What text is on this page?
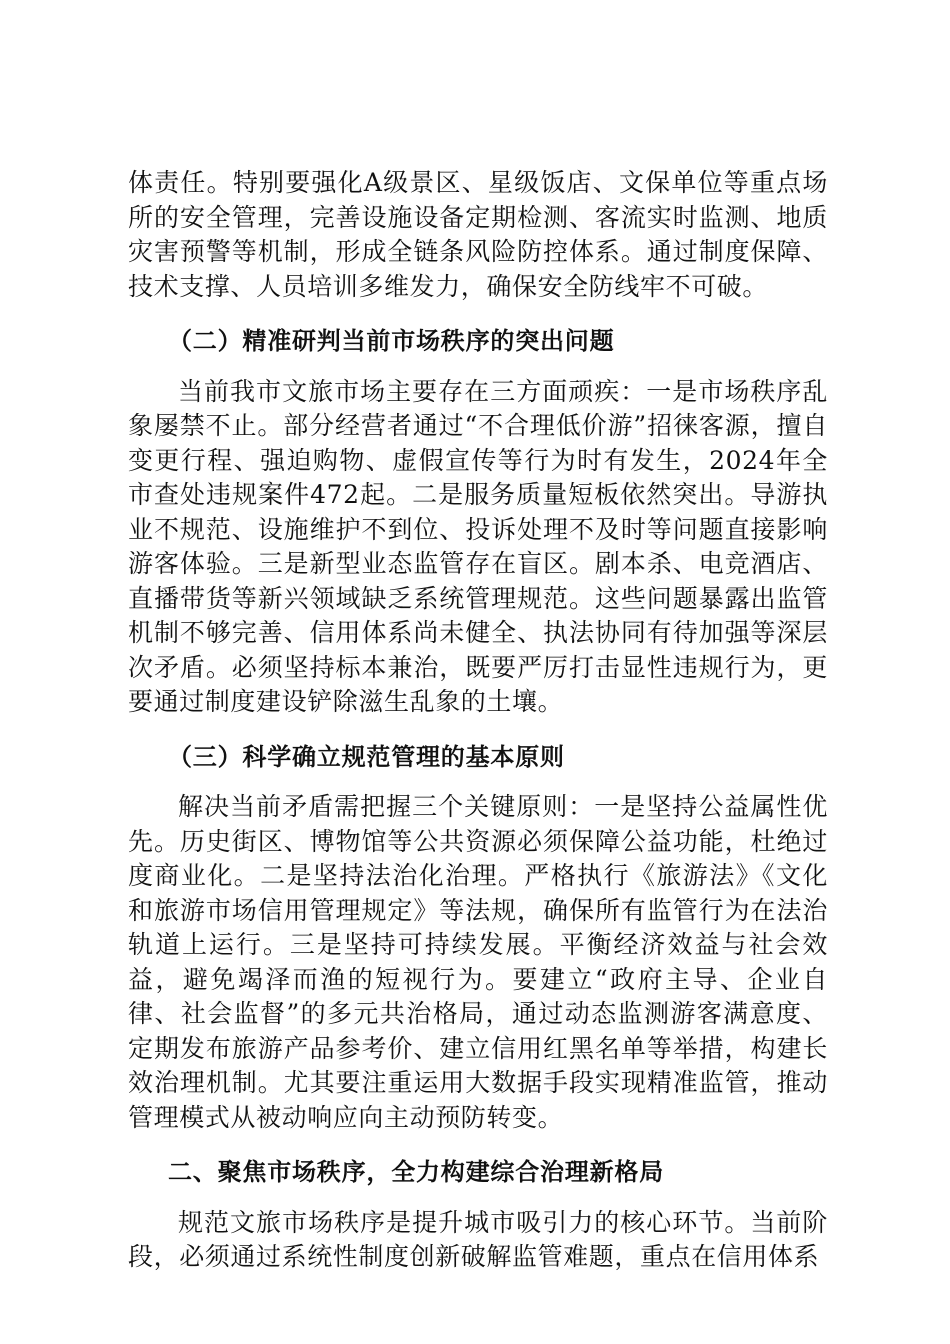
体责任。特别要强化A级景区、星级饭店、文保单位等重点场所的安全管理，完善设施设备定期检测、客流实时监测、地质灾害预警等机制，形成全链条风险防控体系。通过制度保障、技术支撑、人员培训多维发力，确保安全防线牢不可破。

（二）精准研判当前市场秩序的突出问题

当前我市文旅市场主要存在三方面顽疾：一是市场秩序乱象屡禁不止。部分经营者通过“不合理低价游”招徕客源，擅自变更行程、强迫购物、虚假宣传等行为时有发生，2024年全市查处违规案件472起。二是服务质量短板依然突出。导游执业不规范、设施维护不到位、投诉处理不及时等问题直接影响游客体验。三是新型业态监管存在盲区。剧本杀、电竞酒店、直播带货等新兴领域缺乏系统管理规范。这些问题暴露出监管机制不够完善、信用体系尚未健全、执法协同有待加强等深层次矛盾。必须坚持标本兼治，既要严厉打击显性违规行为，更要通过制度建设铲除滋生乱象的土壤。

（三）科学确立规范管理的基本原则

解决当前矛盾需把握三个关键原则：一是坚持公益属性优先。历史街区、博物馆等公共资源必须保障公益功能，杜绝过度商业化。二是坚持法治化治理。严格执行《旅游法》《文化和旅游市场信用管理规定》等法规，确保所有监管行为在法治轨道上运行。三是坚持可持续发展。平衡经济效益与社会效益，避免竭泽而渔的短视行为。要建立“政府主导、企业自律、社会监督”的多元共治格局，通过动态监测游客满意度、定期发布旅游产品参考价、建立信用红黑名单等举措，构建长效治理机制。尤其要注重运用大数据手段实现精准监管，推动管理模式从被动响应向主动预防转变。

二、聚焦市场秩序，全力构建综合治理新格局

规范文旅市场秩序是提升城市吸引力的核心环节。当前阶段，必须通过系统性制度创新破解监管难题，重点在信用体系
